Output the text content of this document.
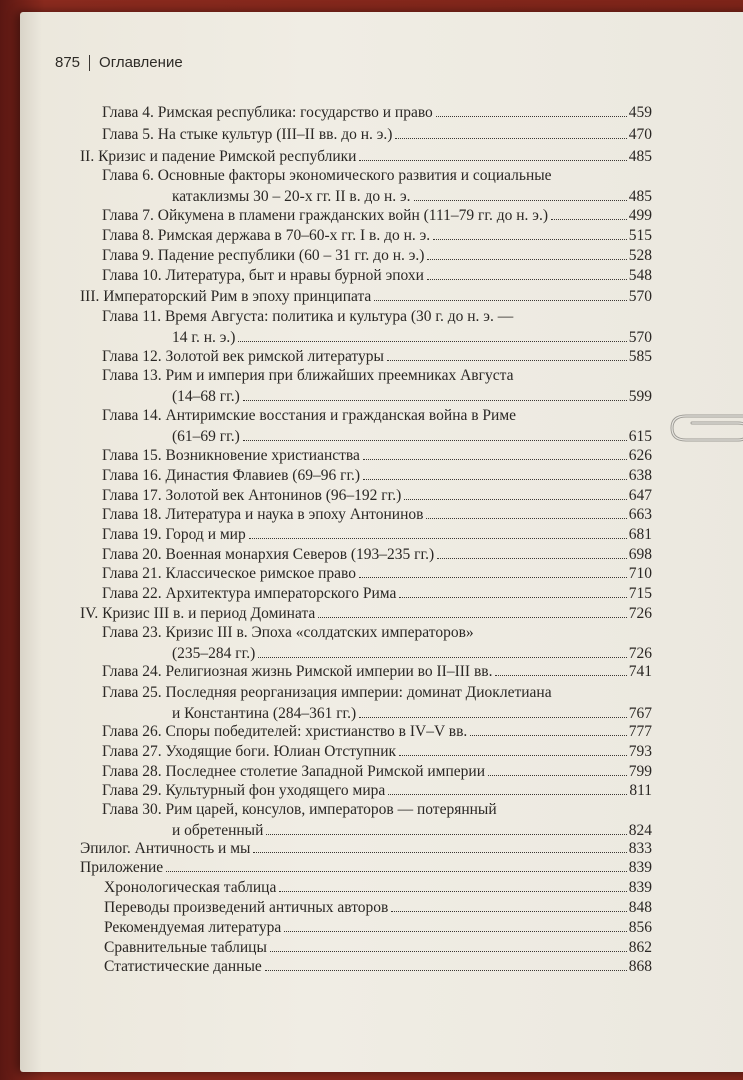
875 Оглавление
Глава 4. Римская республика: государство и право	459
Глава 5. На стыке культур (III–II вв. до н. э.)	470
II. Кризис и падение Римской республики	485
Глава 6. Основные факторы экономического развития и социальные
катаклизмы 30 – 20-х гг. II в. до н. э.	485
Глава 7. Ойкумена в пламени гражданских войн (111–79 гг. до н. э.)	499
Глава 8. Римская держава в 70–60-х гг. I в. до н. э.	515
Глава 9. Падение республики (60 – 31 гг. до н. э.)	528
Глава 10. Литература, быт и нравы бурной эпохи	548
III. Императорский Рим в эпоху принципата	570
Глава 11. Время Августа: политика и культура (30 г. до н. э. —
14 г. н. э.)	570
Глава 12. Золотой век римской литературы	585
Глава 13. Рим и империя при ближайших преемниках Августа
(14–68 гг.)	599
Глава 14. Антиримские восстания и гражданская война в Риме
(61–69 гг.)	615
Глава 15. Возникновение христианства	626
Глава 16. Династия Флавиев (69–96 гг.)	638
Глава 17. Золотой век Антонинов (96–192 гг.)	647
Глава 18. Литература и наука в эпоху Антонинов	663
Глава 19. Город и мир	681
Глава 20. Военная монархия Северов (193–235 гг.)	698
Глава 21. Классическое римское право	710
Глава 22. Архитектура императорского Рима	715
IV. Кризис III в. и период Домината	726
Глава 23. Кризис III в. Эпоха «солдатских императоров»
(235–284 гг.)	726
Глава 24. Религиозная жизнь Римской империи во II–III вв.	741
Глава 25. Последняя реорганизация империи: доминат Диоклетиана
и Константина (284–361 гг.)	767
Глава 26. Споры победителей: христианство в IV–V вв.	777
Глава 27. Уходящие боги. Юлиан Отступник	793
Глава 28. Последнее столетие Западной Римской империи	799
Глава 29. Культурный фон уходящего мира	811
Глава 30. Рим царей, консулов, императоров — потерянный
и обретенный	824
Эпилог. Античность и мы	833
Приложение	839
Хронологическая таблица	839
Переводы произведений античных авторов	848
Рекомендуемая литература	856
Сравнительные таблицы	862
Статистические данные	868
